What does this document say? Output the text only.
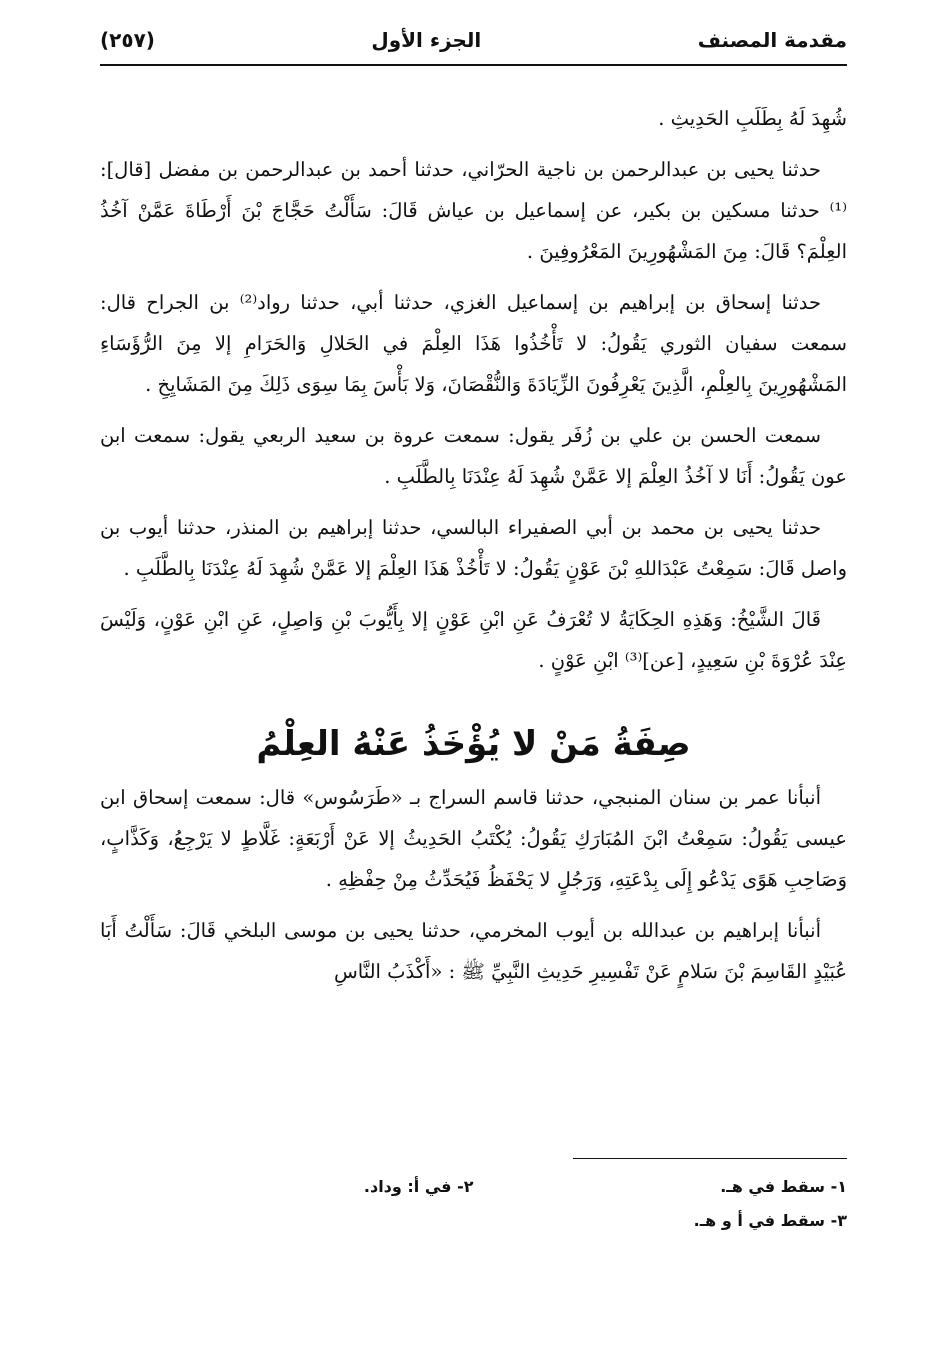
مقدمة المصنف
الجزء الأول
(٢٥٧)

شُهِدَ لَهُ بِطَلَبِ الحَدِيثِ .

حدثنا يحيى بن عبدالرحمن بن ناجية الحرّاني، حدثنا أحمد بن عبدالرحمن بن مفضل [قال]:⁽¹⁾ حدثنا مسكين بن بكير، عن إسماعيل بن عياش قَالَ: سَأَلْتُ حَجَّاجَ بْنَ أَرْطَاةَ عَمَّنْ آخُذُ العِلْمَ؟ قَالَ: مِنَ المَشْهُورِينَ المَعْرُوفِينَ .

حدثنا إسحاق بن إبراهيم بن إسماعيل الغزي، حدثنا أبي، حدثنا رواد⁽²⁾ بن الجراح قال: سمعت سفيان الثوري يَقُولُ: لا تَأْخُذُوا هَذَا العِلْمَ في الحَلالِ وَالحَرَامِ إلا مِنَ الرُّؤَسَاءِ المَشْهُورِينَ بِالعِلْمِ، الَّذِينَ يَعْرِفُونَ الزِّيَادَةَ وَالنُّقْصَانَ، وَلا بَأْسَ بِمَا سِوَى ذَلِكَ مِنَ المَشَايِخِ .

سمعت الحسن بن علي بن زُفَر يقول: سمعت عروة بن سعيد الربعي يقول: سمعت ابن عون يَقُولُ: أَنَا لا آخُذُ العِلْمَ إلا عَمَّنْ شُهِدَ لَهُ عِنْدَنَا بِالطَّلَبِ .

حدثنا يحيى بن محمد بن أبي الصفيراء البالسي، حدثنا إبراهيم بن المنذر، حدثنا أيوب بن واصل قَالَ: سَمِعْتُ عَبْدَاللهِ بْنَ عَوْنٍ يَقُولُ: لا تَأْخُذْ هَذَا العِلْمَ إلا عَمَّنْ شُهِدَ لَهُ عِنْدَنَا بِالطَّلَبِ .

قَالَ الشَّيْخُ: وَهَذِهِ الحِكَايَةُ لا تُعْرَفُ عَنِ ابْنِ عَوْنٍ إلا بِأَيُّوبَ بْنِ وَاصِلٍ، عَنِ ابْنِ عَوْنٍ، وَلَيْسَ عِنْدَ عُرْوَةَ بْنِ سَعِيدٍ، [عن]⁽³⁾ ابْنِ عَوْنٍ .

صِفَةُ مَنْ لا يُؤْخَذُ عَنْهُ العِلْمُ

أنبأنا عمر بن سنان المنبجي، حدثنا قاسم السراج بـ «طَرَسُوس» قال: سمعت إسحاق ابن عيسى يَقُولُ: سَمِعْتُ ابْنَ المُبَارَكِ يَقُولُ: يُكْتَبُ الحَدِيثُ إلا عَنْ أَرْبَعَةٍ: غَلَّاطٍ لا يَرْجِعُ، وَكَذَّابٍ، وَصَاحِبِ هَوًى يَدْعُو إِلَى بِدْعَتِهِ، وَرَجُلٍ لا يَحْفَظُ فَيُحَدِّثُ مِنْ حِفْظِهِ .

أنبأنا إبراهيم بن عبدالله بن أيوب المخرمي، حدثنا يحيى بن موسى البلخي قَالَ: سَأَلْتُ أَبَا عُبَيْدٍ القَاسِمَ بْنَ سَلامٍ عَنْ تَفْسِيرِ حَدِيثِ النَّبِيِّ ﷺ : «أَكْذَبُ النَّاسِ

١- سقط في هـ.
٢- في أ: وداد.
٣- سقط في أ و هـ.
